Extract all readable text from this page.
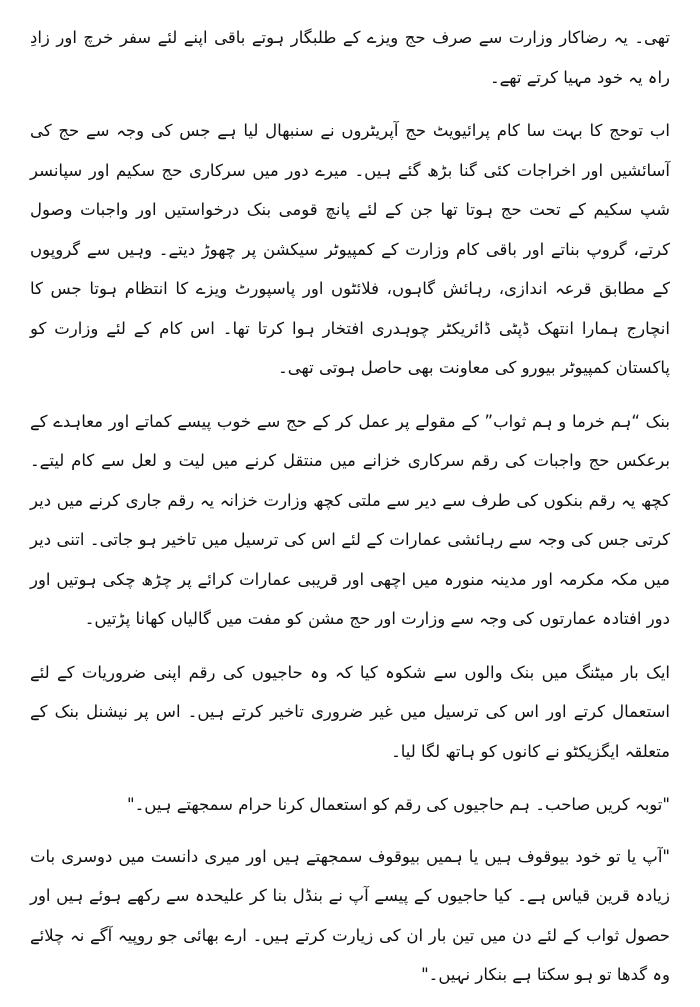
تھی۔ یہ رضاکار وزارت سے صرف حج ویزے کے طلبگار ہوتے باقی اپنے لئے سفر خرچ اور زادِ راہ یہ خود مہیا کرتے تھے۔

اب توحج کا بہت سا کام پرائیویٹ حج آپریٹروں نے سنبھال لیا ہے جس کی وجہ سے حج کی آسائشیں اور اخراجات کئی گنا بڑھ گئے ہیں۔ میرے دور میں سرکاری حج سکیم اور سپانسر شپ سکیم کے تحت حج ہوتا تھا جن کے لئے پانچ قومی بنک درخواستیں اور واجبات وصول کرتے، گروپ بناتے اور باقی کام وزارت کے کمپیوٹر سیکشن پر چھوڑ دیتے۔ وہیں سے گروپوں کے مطابق قرعہ اندازی، رہائش گاہوں، فلائٹوں اور پاسپورٹ ویزے کا انتظام ہوتا جس کا انچارج ہمارا انتھک ڈپٹی ڈائریکٹر چوہدری افتخار ہوا کرتا تھا۔ اس کام کے لئے وزارت کو پاکستان کمپیوٹر بیورو کی معاونت بھی حاصل ہوتی تھی۔

بنک “ہم خرما و ہم ثواب” کے مقولے پر عمل کر کے حج سے خوب پیسے کماتے اور معاہدے کے برعکس حج واجبات کی رقم سرکاری خزانے میں منتقل کرنے میں لیت و لعل سے کام لیتے۔ کچھ یہ رقم بنکوں کی طرف سے دیر سے ملتی کچھ وزارت خزانہ یہ رقم جاری کرنے میں دیر کرتی جس کی وجہ سے رہائشی عمارات کے لئے اس کی ترسیل میں تاخیر ہو جاتی۔ اتنی دیر میں مکہ مکرمہ اور مدینہ منورہ میں اچھی اور قریبی عمارات کرائے پر چڑھ چکی ہوتیں اور دور افتادہ عمارتوں کی وجہ سے وزارت اور حج مشن کو مفت میں گالیاں کھانا پڑتیں۔

ایک بار میٹنگ میں بنک والوں سے شکوہ کیا کہ وہ حاجیوں کی رقم اپنی ضروریات کے لئے استعمال کرتے اور اس کی ترسیل میں غیر ضروری تاخیر کرتے ہیں۔ اس پر نیشنل بنک کے متعلقہ ایگزیکٹو نے کانوں کو ہاتھ لگا لیا۔

"توبہ کریں صاحب۔ ہم حاجیوں کی رقم کو استعمال کرنا حرام سمجھتے ہیں۔"

"آپ یا تو خود بیوقوف ہیں یا ہمیں بیوقوف سمجھتے ہیں اور میری دانست میں دوسری بات زیادہ قرین قیاس ہے۔ کیا حاجیوں کے پیسے آپ نے بنڈل بنا کر علیحدہ سے رکھے ہوئے ہیں اور حصول ثواب کے لئے دن میں تین بار ان کی زیارت کرتے ہیں۔ ارے بھائی جو روپیہ آگے نہ چلائے وہ گدھا تو ہو سکتا ہے بنکار نہیں۔"
